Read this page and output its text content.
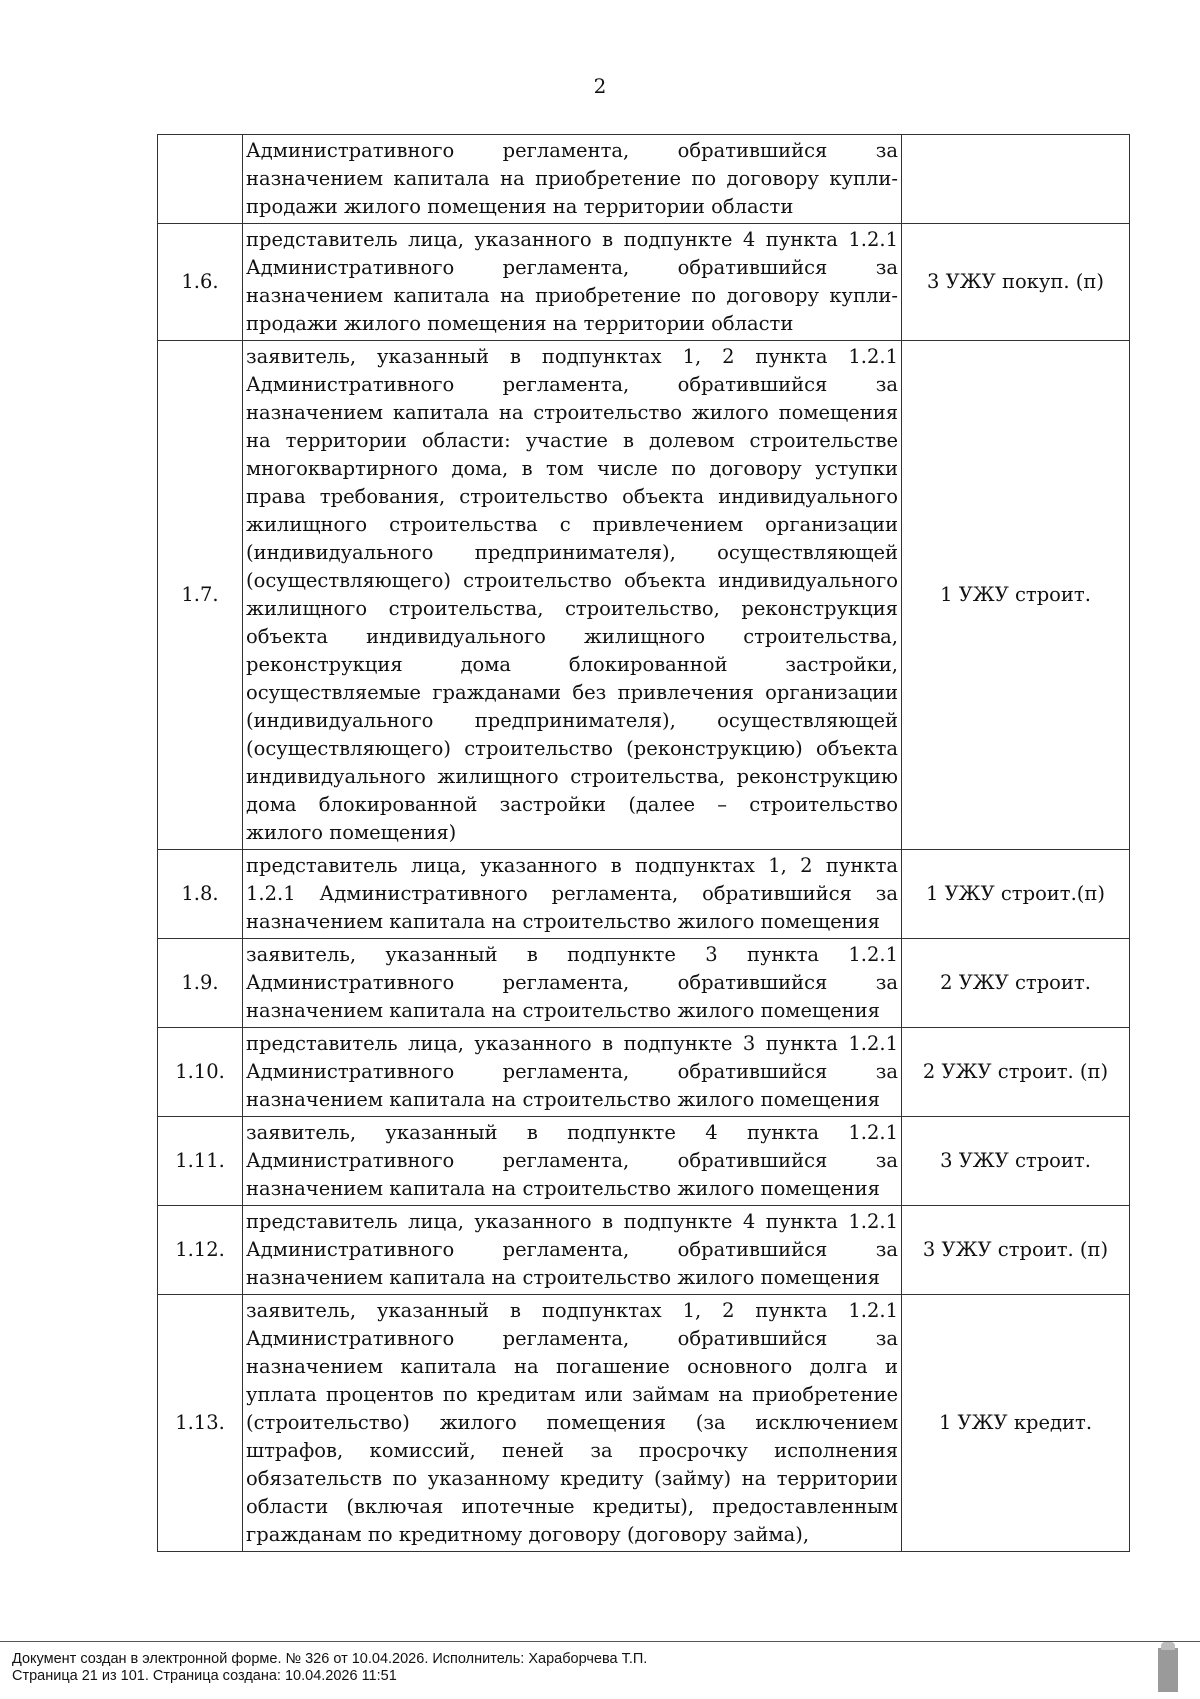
2
	Административного регламента, обратившийся за назначением капитала на приобретение по договору купли-продажи жилого помещения на территории области	
1.6.	представитель лица, указанного в подпункте 4 пункта 1.2.1 Административного регламента, обратившийся за назначением капитала на приобретение по договору купли-продажи жилого помещения на территории области	3 УЖУ покуп. (п)
1.7.	заявитель, указанный в подпунктах 1, 2 пункта 1.2.1 Административного регламента, обратившийся за назначением капитала на строительство жилого помещения на территории области: участие в долевом строительстве многоквартирного дома, в том числе по договору уступки права требования, строительство объекта индивидуального жилищного строительства с привлечением организации (индивидуального предпринимателя), осуществляющей (осуществляющего) строительство объекта индивидуального жилищного строительства, строительство, реконструкция объекта индивидуального жилищного строительства, реконструкция дома блокированной застройки, осуществляемые гражданами без привлечения организации (индивидуального предпринимателя), осуществляющей (осуществляющего) строительство (реконструкцию) объекта индивидуального жилищного строительства, реконструкцию дома блокированной застройки (далее – строительство жилого помещения)	1 УЖУ строит.
1.8.	представитель лица, указанного в подпунктах 1, 2 пункта 1.2.1 Административного регламента, обратившийся за назначением капитала на строительство жилого помещения	1 УЖУ строит.(п)
1.9.	заявитель, указанный в подпункте 3 пункта 1.2.1 Административного регламента, обратившийся за назначением капитала на строительство жилого помещения	2 УЖУ строит.
1.10.	представитель лица, указанного в подпункте 3 пункта 1.2.1 Административного регламента, обратившийся за назначением капитала на строительство жилого помещения	2 УЖУ строит. (п)
1.11.	заявитель, указанный в подпункте 4 пункта 1.2.1 Административного регламента, обратившийся за назначением капитала на строительство жилого помещения	3 УЖУ строит.
1.12.	представитель лица, указанного в подпункте 4 пункта 1.2.1 Административного регламента, обратившийся за назначением капитала на строительство жилого помещения	3 УЖУ строит. (п)
1.13.	заявитель, указанный в подпунктах 1, 2 пункта 1.2.1 Административного регламента, обратившийся за назначением капитала на погашение основного долга и уплата процентов по кредитам или займам на приобретение (строительство) жилого помещения (за исключением штрафов, комиссий, пеней за просрочку исполнения обязательств по указанному кредиту (займу) на территории области (включая ипотечные кредиты), предоставленным гражданам по кредитному договору (договору займа),	1 УЖУ кредит.
Документ создан в электронной форме. № 326 от 10.04.2026. Исполнитель: Хараборчева Т.П.
Страница 21 из 101. Страница создана: 10.04.2026 11:51
